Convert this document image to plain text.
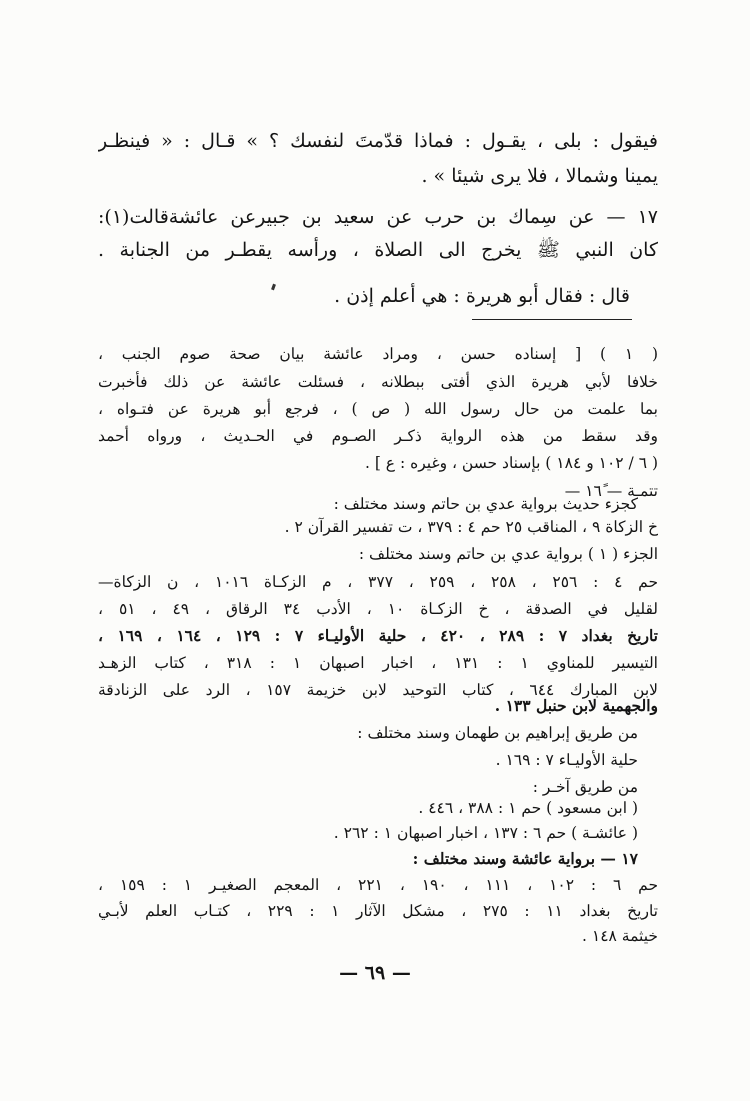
فيقول : بلى ، يقـول : فماذا قدّمتَ لنفسك ؟ » قـال : « فينظـر
يمينا وشمالا ، فلا يرى شيئا » .
١٧ً — عن سِماك بن حرب عن سعيد بن جبيرعن عائشةقالت(١):
كان النبي ﷺ يخرج الى الصلاة ، ورأسه يقطـر من الجنابة .
قال : فقال أبو هريرة : هي أعلم إذن .
( ١ ) [ إسناده حسن ، ومراد عائشة بيان صحة صوم الجنب ،
خلافا لأبي هريرة الذي أفتى ببطلانه ، فسئلت عائشة عن ذلك فأخبرت
بما علمت من حال رسول الله ( ص ) ، فرجع أبو هريرة عن فتـواه ،
وقد سقط من هذه الرواية ذكـر الصـوم في الحـديث ، ورواه أحمد
( ٦ / ١٠٢ و ١٨٤ ) بإسناد حسن ، وغيره : ع ] .
تتمـة — ١٦ً —
كجزء حديث برواية عدي بن حاتم وسند مختلف :
خ الزكاة ٩ ، المناقب ٢٥ حم ٤ : ٣٧٩ ، ت تفسير القرآن ٢ .
الجزء ( ١ ) برواية عدي بن حاتم وسند مختلف :
حم ٤ : ٢٥٦ ، ٢٥٨ ، ٢٥٩ ، ٣٧٧ ، م الزكـاة ١٠١٦ ، ن الزكاة—
لقليل في الصدقة ، خ الزكـاة ١٠ ، الأدب ٣٤ الرقاق ، ٤٩ ، ٥١ ،
تاريخ بغداد ٧ : ٢٨٩ ، ٤٢٠ ، حلية الأوليـاء ٧ : ١٢٩ ، ١٦٤ ، ١٦٩ ،
التيسير للمناوي ١ : ١٣١ ، اخبار اصبهان ١ : ٣١٨ ، كتاب الزهـد
لابن المبارك ٦٤٤ ، كتاب التوحيد لابن خزيمة ١٥٧ ، الرد على الزنادقة
والجهمية لابن حنبل ١٣٣ .
من طريق إبراهيم بن طهمان وسند مختلف :
حلية الأوليـاء ٧ : ١٦٩ .
من طريق آخـر :
( ابن مسعود ) حم ١ : ٣٨٨ ، ٤٤٦ .
( عائشـة ) حم ٦ : ١٣٧ ، اخبار اصبهان ١ : ٢٦٢ .
١٧ً — برواية عائشة وسند مختلف :
حم ٦ : ١٠٢ ، ١١١ ، ١٩٠ ، ٢٢١ ، المعجم الصغيـر ١ : ١٥٩ ،
تاريخ بغداد ١١ : ٢٧٥ ، مشكل الآثار ١ : ٢٢٩ ، كتـاب العلم لأبـي
خيثمة ١٤٨ .
— ٦٩ —
